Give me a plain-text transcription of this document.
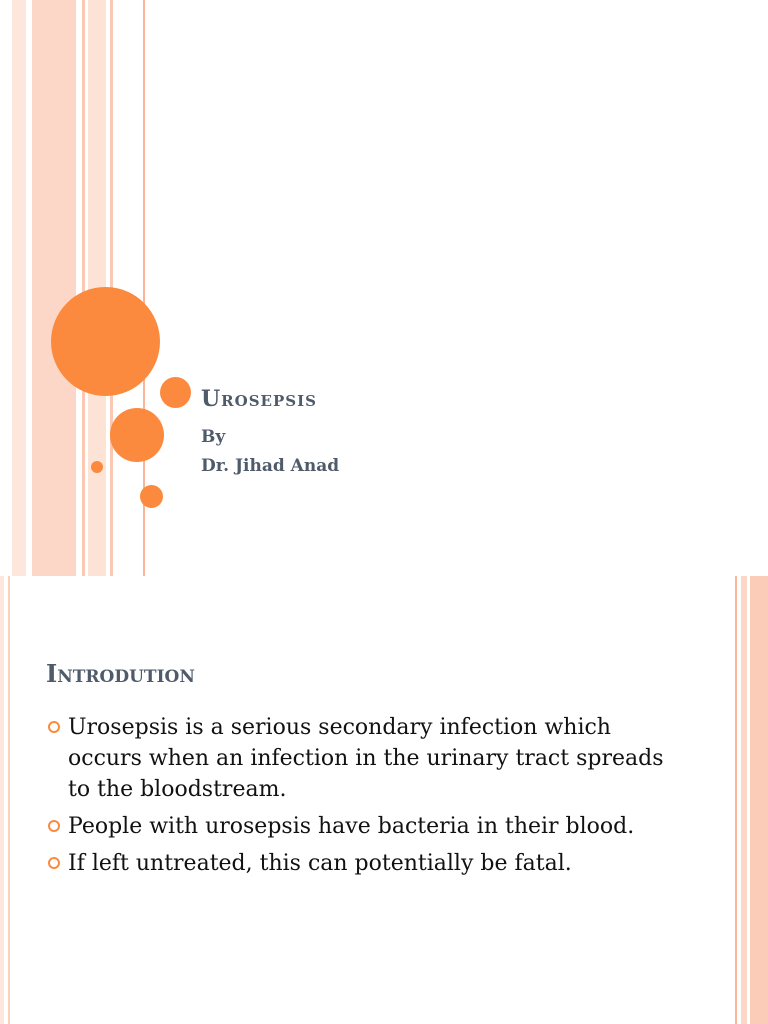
Urosepsis
By
Dr. Jihad Anad
Introdution
Urosepsis is a serious secondary infection which occurs when an infection in the urinary tract spreads to the bloodstream.
People with urosepsis have bacteria in their blood.
If left untreated, this can potentially be fatal.
